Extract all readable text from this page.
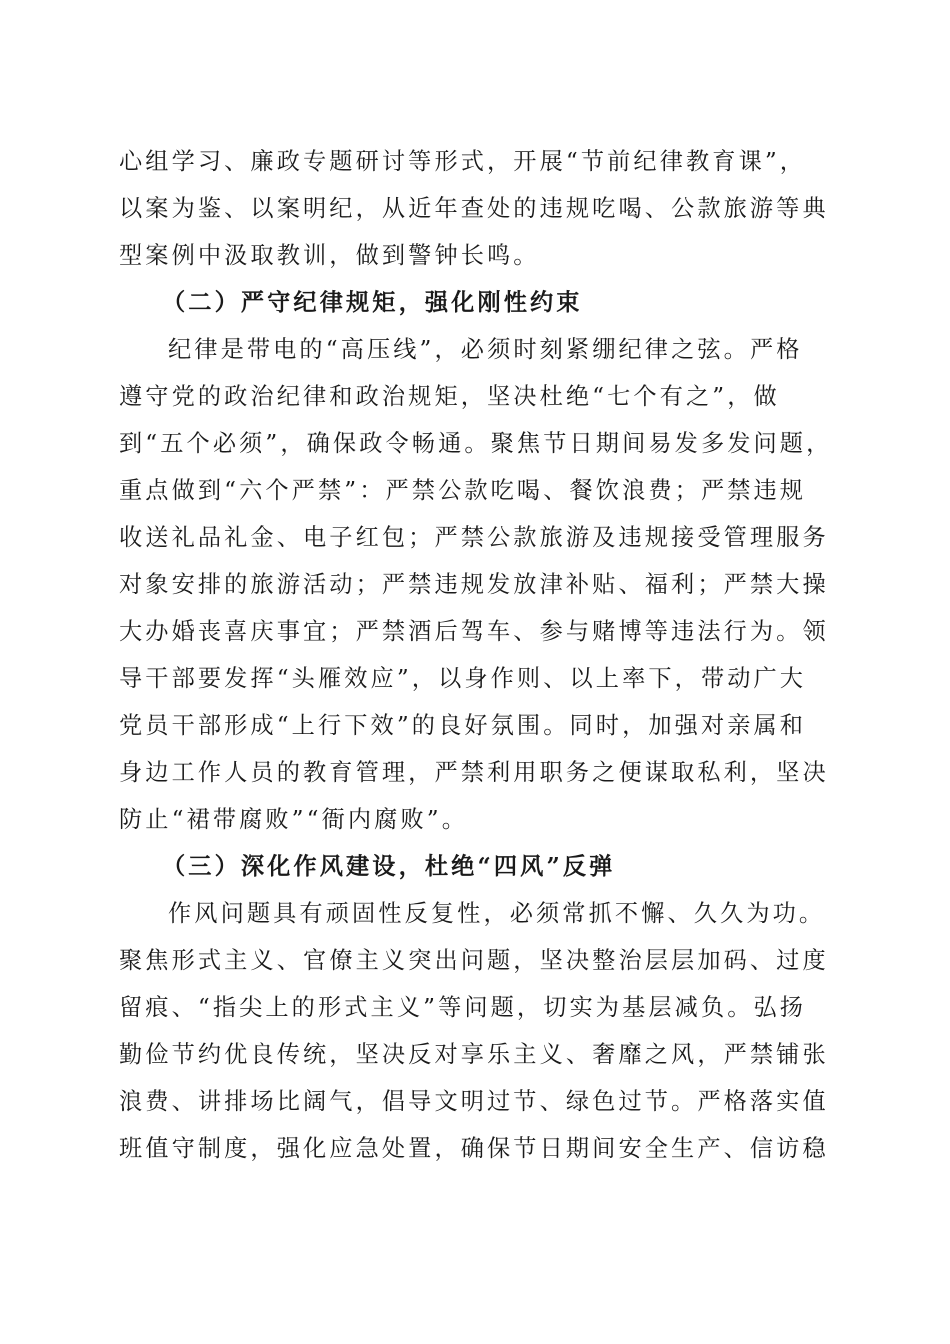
心组学习、廉政专题研讨等形式，开展“节前纪律教育课”，
以案为鉴、以案明纪，从近年查处的违规吃喝、公款旅游等典
型案例中汲取教训，做到警钟长鸣。
（二）严守纪律规矩，强化刚性约束
纪律是带电的“高压线”，必须时刻紧绷纪律之弦。严格
遵守党的政治纪律和政治规矩，坚决杜绝“七个有之”，做
到“五个必须”，确保政令畅通。聚焦节日期间易发多发问题，
重点做到“六个严禁”：严禁公款吃喝、餐饮浪费；严禁违规
收送礼品礼金、电子红包；严禁公款旅游及违规接受管理服务
对象安排的旅游活动；严禁违规发放津补贴、福利；严禁大操
大办婚丧喜庆事宜；严禁酒后驾车、参与赌博等违法行为。领
导干部要发挥“头雁效应”，以身作则、以上率下，带动广大
党员干部形成“上行下效”的良好氛围。同时，加强对亲属和
身边工作人员的教育管理，严禁利用职务之便谋取私利，坚决
防止“裙带腐败”“衙内腐败”。
（三）深化作风建设，杜绝“四风”反弹
作风问题具有顽固性反复性，必须常抓不懈、久久为功。
聚焦形式主义、官僚主义突出问题，坚决整治层层加码、过度
留痕、“指尖上的形式主义”等问题，切实为基层减负。弘扬
勤俭节约优良传统，坚决反对享乐主义、奢靡之风，严禁铺张
浪费、讲排场比阔气，倡导文明过节、绿色过节。严格落实值
班值守制度，强化应急处置，确保节日期间安全生产、信访稳
